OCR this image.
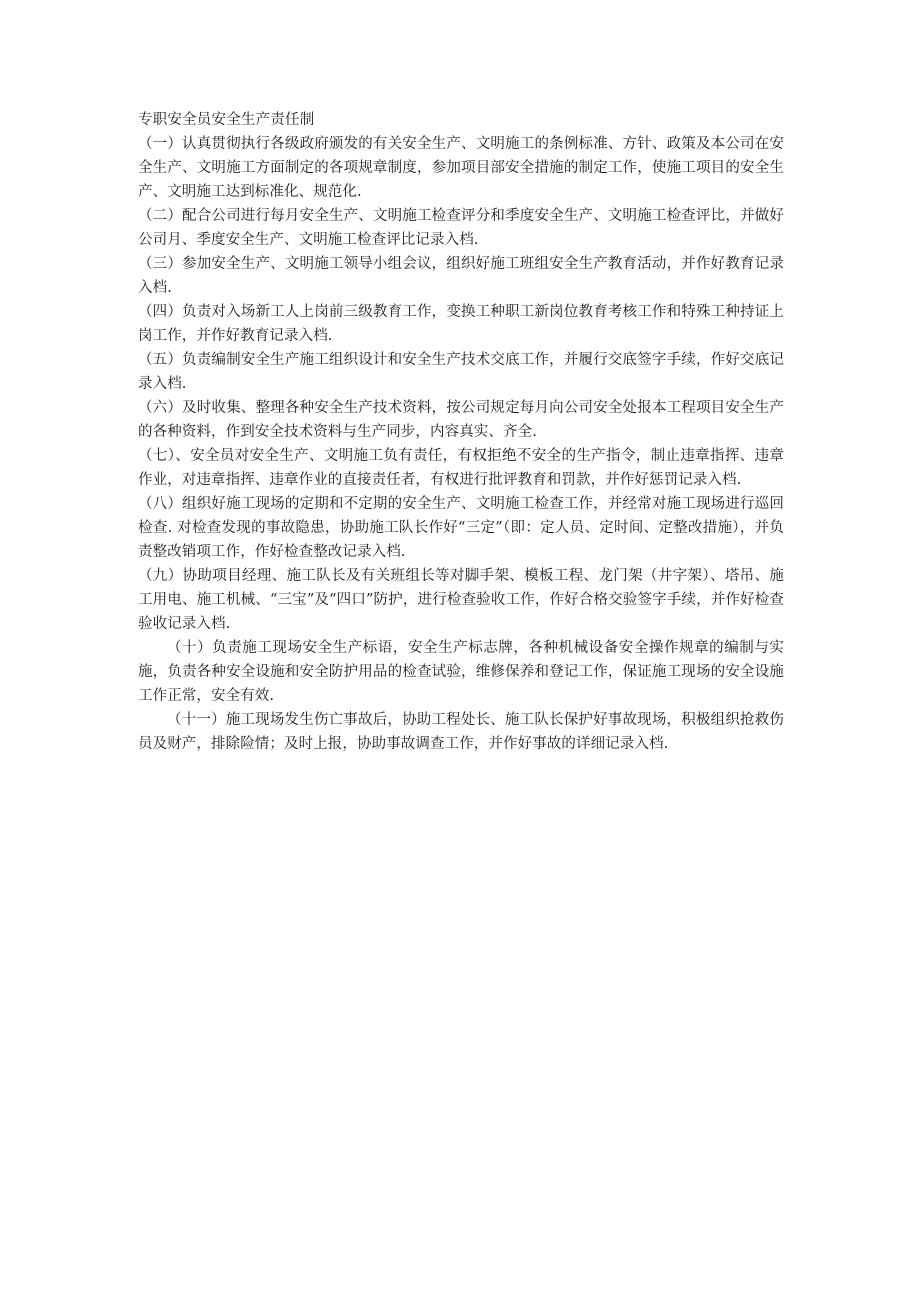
专职安全员安全生产责任制

（一）认真贯彻执行各级政府颁发的有关安全生产、文明施工的条例标准、方针、政策及本公司在安全生产、文明施工方面制定的各项规章制度，参加项目部安全措施的制定工作，使施工项目的安全生产、文明施工达到标准化、规范化.

（二）配合公司进行每月安全生产、文明施工检查评分和季度安全生产、文明施工检查评比，并做好公司月、季度安全生产、文明施工检查评比记录入档.

（三）参加安全生产、文明施工领导小组会议，组织好施工班组安全生产教育活动，并作好教育记录入档.

（四）负责对入场新工人上岗前三级教育工作，变换工种职工新岗位教育考核工作和特殊工种持证上岗工作，并作好教育记录入档.

（五）负责编制安全生产施工组织设计和安全生产技术交底工作，并履行交底签字手续，作好交底记录入档.

（六）及时收集、整理各种安全生产技术资料，按公司规定每月向公司安全处报本工程项目安全生产的各种资料，作到安全技术资料与生产同步，内容真实、齐全.

（七）、安全员对安全生产、文明施工负有责任，有权拒绝不安全的生产指令，制止违章指挥、违章作业，对违章指挥、违章作业的直接责任者，有权进行批评教育和罚款，并作好惩罚记录入档.

（八）组织好施工现场的定期和不定期的安全生产、文明施工检查工作，并经常对施工现场进行巡回检查. 对检查发现的事故隐患，协助施工队长作好“三定”（即：定人员、定时间、定整改措施），并负责整改销项工作，作好检查整改记录入档.

（九）协助项目经理、施工队长及有关班组长等对脚手架、模板工程、龙门架（井字架）、塔吊、施工用电、施工机械、“三宝”及“四口”防护，进行检查验收工作，作好合格交验签字手续，并作好检查验收记录入档.

（十）负责施工现场安全生产标语，安全生产标志牌，各种机械设备安全操作规章的编制与实施，负责各种安全设施和安全防护用品的检查试验，维修保养和登记工作，保证施工现场的安全设施工作正常，安全有效.

（十一）施工现场发生伤亡事故后，协助工程处长、施工队长保护好事故现场，积极组织抢救伤员及财产，排除险情；及时上报，协助事故调查工作，并作好事故的详细记录入档.
